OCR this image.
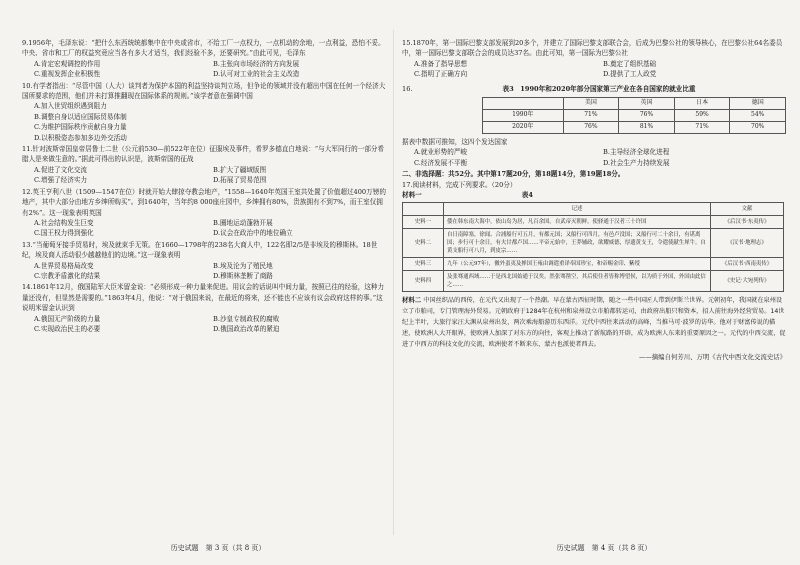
9.1956年，毛泽东说：“把什么东西统统都集中在中央或省市，不给工厂一点权力，一点机动的余地，一点利益，恐怕不妥。中央、省市和工厂的权益究竟应当各有多大才适当，我们经验不多，还要研究。”由此可见，毛泽东
A.肯定宏观调控的作用	B.主张向市场经济的方向发展
C.重视发挥企业积极性	D.认可对工业的社会主义改造
10.有学者指出：“尽管中国（人大）谈判者为保护本国的利益坚持谈判立场，但争论的领域并没有超出中国在任何一个经济大国所要求的范围，他们并未打算推翻现在国际体系的规则。”该学者意在强调中国
A.加入世贸组织遇到阻力
B.调整自身以适应国际贸易体制
C.为维护国际秩序贡献自身力量
D.以积极姿态参加多边外交活动
11.针对波斯帝国皇帝居鲁士二世（公元前530—前522年在位）征服埃及事件，希罗多德直白地说：“与大军同行的一部分希腊人是来做生意的。”据此可得出的认识是，波斯帝国的征战
A.促进了文化交流	B.扩大了疆域版图
C.增强了经济实力	D.拓展了贸易范围
12.英王亨利八世（1509—1547在位）时就开始大肆掠夺教会地产，“1558—1640年英国王室共处置了价值超过400万镑的地产，其中大部分由地方乡绅所购买”。到1640年，当年约8 000座庄园中，乡绅拥有80%，贵族拥有不到7%，而王室仅拥有2%”。这一现象表明英国
A.社会结构发生巨变	B.圈地运动蓬勃开展
C.国王权力得到强化	D.议会在政治中的地位确立
13.“当葡萄牙接手贸易时，埃及就束手无策。在1660—1798年的238名大商人中，122名即2/5是非埃及的穆斯林。18世纪，埃及商人活动很少越越他们的边境。”这一现象表明
A.世界贸易格局改变	B.埃及沦为了殖民地
C.宗教矛盾激化的结果	D.穆斯林垄断了商路
14.1861年12月，俄国陆军大臣米留金说：“必须形成一种力量来促进。用议会的话说叫中间力量，按照已往的经验，这种力量还没有，但显然是需要的。”1863年4月，他说：“对于俄国来说，在最近的将来，还不能也不应该有议会政府这样的事。”这说明米留金认识到
A.俄国无产阶级的力量	B.沙皇专制政权的腐败
C.实现政治民主的必要	D.俄国政治改革的紧迫
历史试题　第 3 页（共 8 页）
15.1870年，第一国际巴黎支部发展到20多个，并建立了国际巴黎支部联合会，后成为巴黎公社的领导核心，在巴黎公社64名委员中，第一国际巴黎支部联合会的成员达37名。由此可知，第一国际为巴黎公社
A.准备了指导思想	B.奠定了组织基础
C.指明了正确方向	D.提供了工人政党
16.	表3　1990年和2020年部分国家第三产业在各自国家的就业比重
	美国	英国	日本	德国
1990年	71%	76%	59%	54%
2020年	76%	81%	71%	70%
据表中数据可推知，这四个发达国家
A.就业形势的严峻	B.主导经济全球化进程
C.经济发展不平衡	D.社会生产力持续发展
二、非选择题：共52分。其中第17题20分，第18题14分，第19题18分。
17.阅读材料，完成下列要求。（20分）
材料一	表4
	记述	文献
史料一	倭在韩东南大海中，依山岛为居，凡百余国。自武帝灭朝鲜，使驿通于汉者三十许国	《后汉书·东夷传》
史料二	自日南障塞，徐闻、合浦船行可五月，有都元国；又船行可四月，有邑卢没国；又船行可二十余日，有谌离国；步行可十余日，有夫甘都卢国……平帝元始中，王莽辅政，欲耀威德，厚遗黄支王，令遣使献生犀牛。自黄支船行可八月，到皮宗……	《汉书·地理志》
史料三	九年（公元97年），徼外蛮夷及掸国王雍由调遣重译奉国珍宝，和帝赐金印、紫绶	《后汉书·西南夷传》
史料四	及张骞通西域……于是西北国始通于汉矣。然张骞凿空，其后使往者皆称博望侯，以为质于外国，外国由此信之……	《史记·大宛列传》
材料二 中国丝织品的西传，在元代又出现了一个热潮。早在蒙古西征时期，随之一些中国匠人带到伊斯兰世界。元朝初年，我国就在泉州设立了市舶司，专门管理海外贸易。元朝政府于1284年在杭州和泉州设立市舶都转运司，由政府出船只和资本，招人前往海外经营贸易。14世纪上半叶，大旅行家汪大渊从泉州出发，两次乘海船游历东西洋。元代中西往来活动的高峰，当推马可·波罗的访华。他对于财富传说的描述，使欧洲人大开眼界，使欧洲人加深了对东方的向往，客观上推动了新航路的开辟，成为欧洲人东来的重要原因之一。元代的中西交流，促进了中西方的科技文化的交流，欧洲使者不断来东，蒙古也派使者西去。
——摘编自何芳川、万明《古代中西文化交流史话》
历史试题　第 4 页（共 8 页）
